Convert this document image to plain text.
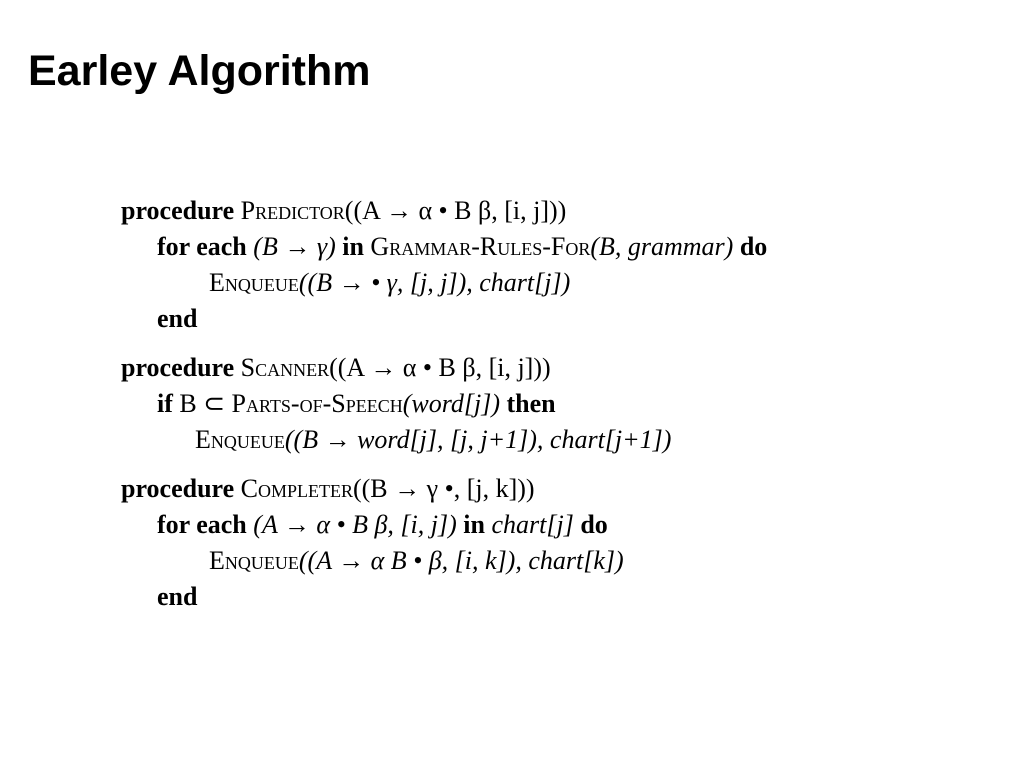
Earley Algorithm
procedure Predictor((A → α • B β, [i, j]))
for each (B → γ) in Grammar-Rules-For(B, grammar) do
Enqueue((B → • γ, [j, j]), chart[j])
end
procedure Scanner((A → α • B β, [i, j]))
if B ⊂ Parts-of-Speech(word[j]) then
Enqueue((B → word[j], [j, j+1]), chart[j+1])
procedure Completer((B → γ •, [j, k]))
for each (A → α • B β, [i, j]) in chart[j] do
Enqueue((A → α B • β, [i, k]), chart[k])
end
